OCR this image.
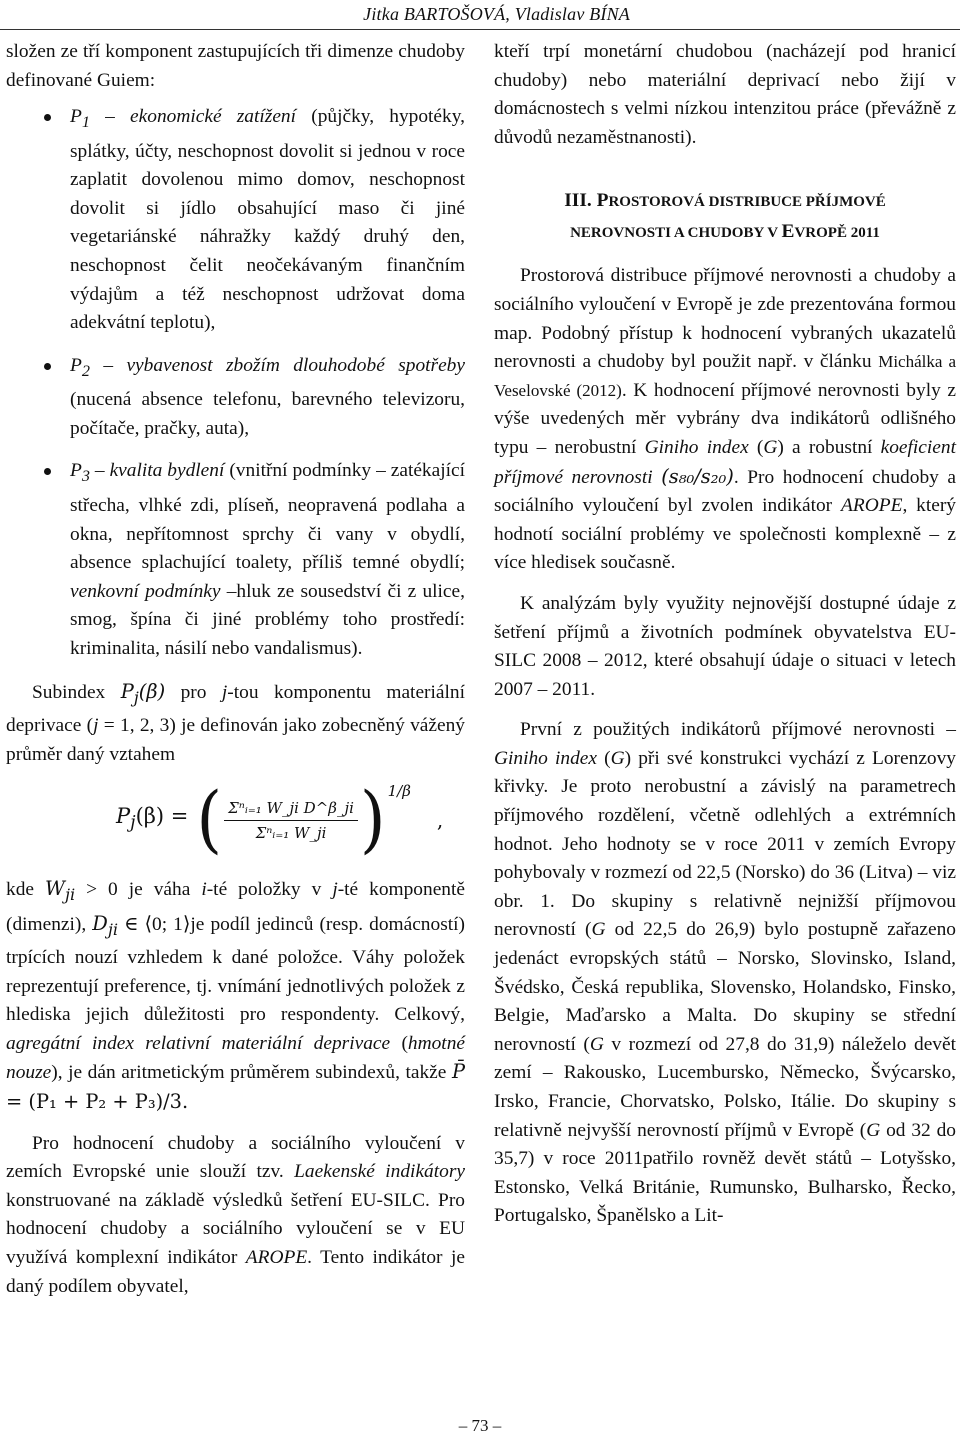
Jitka BARTOŠOVÁ, Vladislav BÍNA

složen ze tří komponent zastupujících tři dimenze chudoby definované Guiem:

$P_1$ – ekonomické zatížení (půjčky, hypotéky, splátky, účty, neschopnost dovolit si jednou v roce zaplatit dovolenou mimo domov, neschopnost dovolit si jídlo obsahující maso či jiné vegetariánské náhražky každý druhý den, neschopnost čelit neočekávaným finančním výdajům a též neschopnost udržovat doma adekvátní teplotu),
$P_2$ – vybavenost zbožím dlouhodobé spotřeby (nucená absence telefonu, barevného televizoru, počítače, pračky, auta),
$P_3$ – kvalita bydlení (vnitřní podmínky – zatékající střecha, vlhké zdi, plíseň, neopravená podlaha a okna, nepřítomnost sprchy či vany v obydlí, absence splachující toalety, příliš temné obydlí; venkovní podmínky –hluk ze sousedství či z ulice, smog, špína či jiné problémy toho prostředí: kriminalita, násilí nebo vandalismus).

Subindex $P_j(\beta)$ pro j-tou komponentu materiální deprivace (j = 1, 2, 3) je definován jako zobecněný vážený průměr daný vztahem

$P_j(\beta)$ = ( $\frac{\text{Σⁿᵢ₌₁ W\_ji D\textasciicircum{}β\_ji}}{\text{Σⁿᵢ₌₁ W\_ji}}$ ) 1/β
,

kde $W_{ji} > 0$ je váha i-té položky v j-té komponentě (dimenzi), $D_{ji}$ ∈ ⟨0; 1⟩je podíl jedinců (resp. domácností) trpících nouzí vzhledem k dané položce. Váhy položek reprezentují preference, tj. vnímání jednotlivých položek z hlediska jejich důležitosti pro respondenty. Celkový, agregátní index relativní materiální deprivace (hmotné nouze), je dán aritmetickým průměrem subindexů, takže P̄ = (P₁ + P₂ + P₃)/3.

Pro hodnocení chudoby a sociálního vyloučení v zemích Evropské unie slouží tzv. Laekenské indikátory konstruované na základě výsledků šetření EU-SILC. Pro hodnocení chudoby a sociálního vyloučení se v EU využívá komplexní indikátor AROPE. Tento indikátor je daný podílem obyvatel,

kteří trpí monetární chudobou (nacházejí pod hranicí chudoby) nebo materiální deprivací nebo žijí v domácnostech s velmi nízkou intenzitou práce (převážně z důvodů nezaměstnanosti).

III. PROSTOROVÁ DISTRIBUCE PŘÍJMOVÉ
NEROVNOSTI A CHUDOBY V EVROPĚ 2011

Prostorová distribuce příjmové nerovnosti a chudoby a sociálního vyloučení v Evropě je zde prezentována formou map. Podobný přístup k hodnocení vybraných ukazatelů nerovnosti a chudoby byl použit např. v článku Michálka a Veselovské (2012). K hodnocení příjmové nerovnosti byly z výše uvedených měr vybrány dva indikátorů odlišného typu – nerobustní Giniho index (G) a robustní koeficient příjmové nerovnosti (s₈₀/s₂₀). Pro hodnocení chudoby a sociálního vyloučení byl zvolen indikátor AROPE, který hodnotí sociální problémy ve společnosti komplexně – z více hledisek současně.

K analýzám byly využity nejnovější dostupné údaje z šetření příjmů a životních podmínek obyvatelstva EU-SILC 2008 – 2012, které obsahují údaje o situaci v letech 2007 – 2011.

První z použitých indikátorů příjmové nerovnosti – Giniho index (G) při své konstrukci vychází z Lorenzovy křivky. Je proto nerobustní a závislý na parametrech příjmového rozdělení, včetně odlehlých a extrémních hodnot. Jeho hodnoty se v roce 2011 v zemích Evropy pohybovaly v rozmezí od 22,5 (Norsko) do 36 (Litva) – viz obr. 1. Do skupiny s relativně nejnižší příjmovou nerovností (G od 22,5 do 26,9) bylo postupně zařazeno jedenáct evropských států – Norsko, Slovinsko, Island, Švédsko, Česká republika, Slovensko, Holandsko, Finsko, Belgie, Maďarsko a Malta. Do skupiny se střední nerovností (G v rozmezí od 27,8 do 31,9) náleželo devět zemí – Rakousko, Lucembursko, Německo, Švýcarsko, Irsko, Francie, Chorvatsko, Polsko, Itálie. Do skupiny s relativně nejvyšší nerovností příjmů v Evropě (G od 32 do 35,7) v roce 2011patřilo rovněž devět států – Lotyšsko, Estonsko, Velká Británie, Rumunsko, Bulharsko, Řecko, Portugalsko, Španělsko a Lit-

– 73 –
